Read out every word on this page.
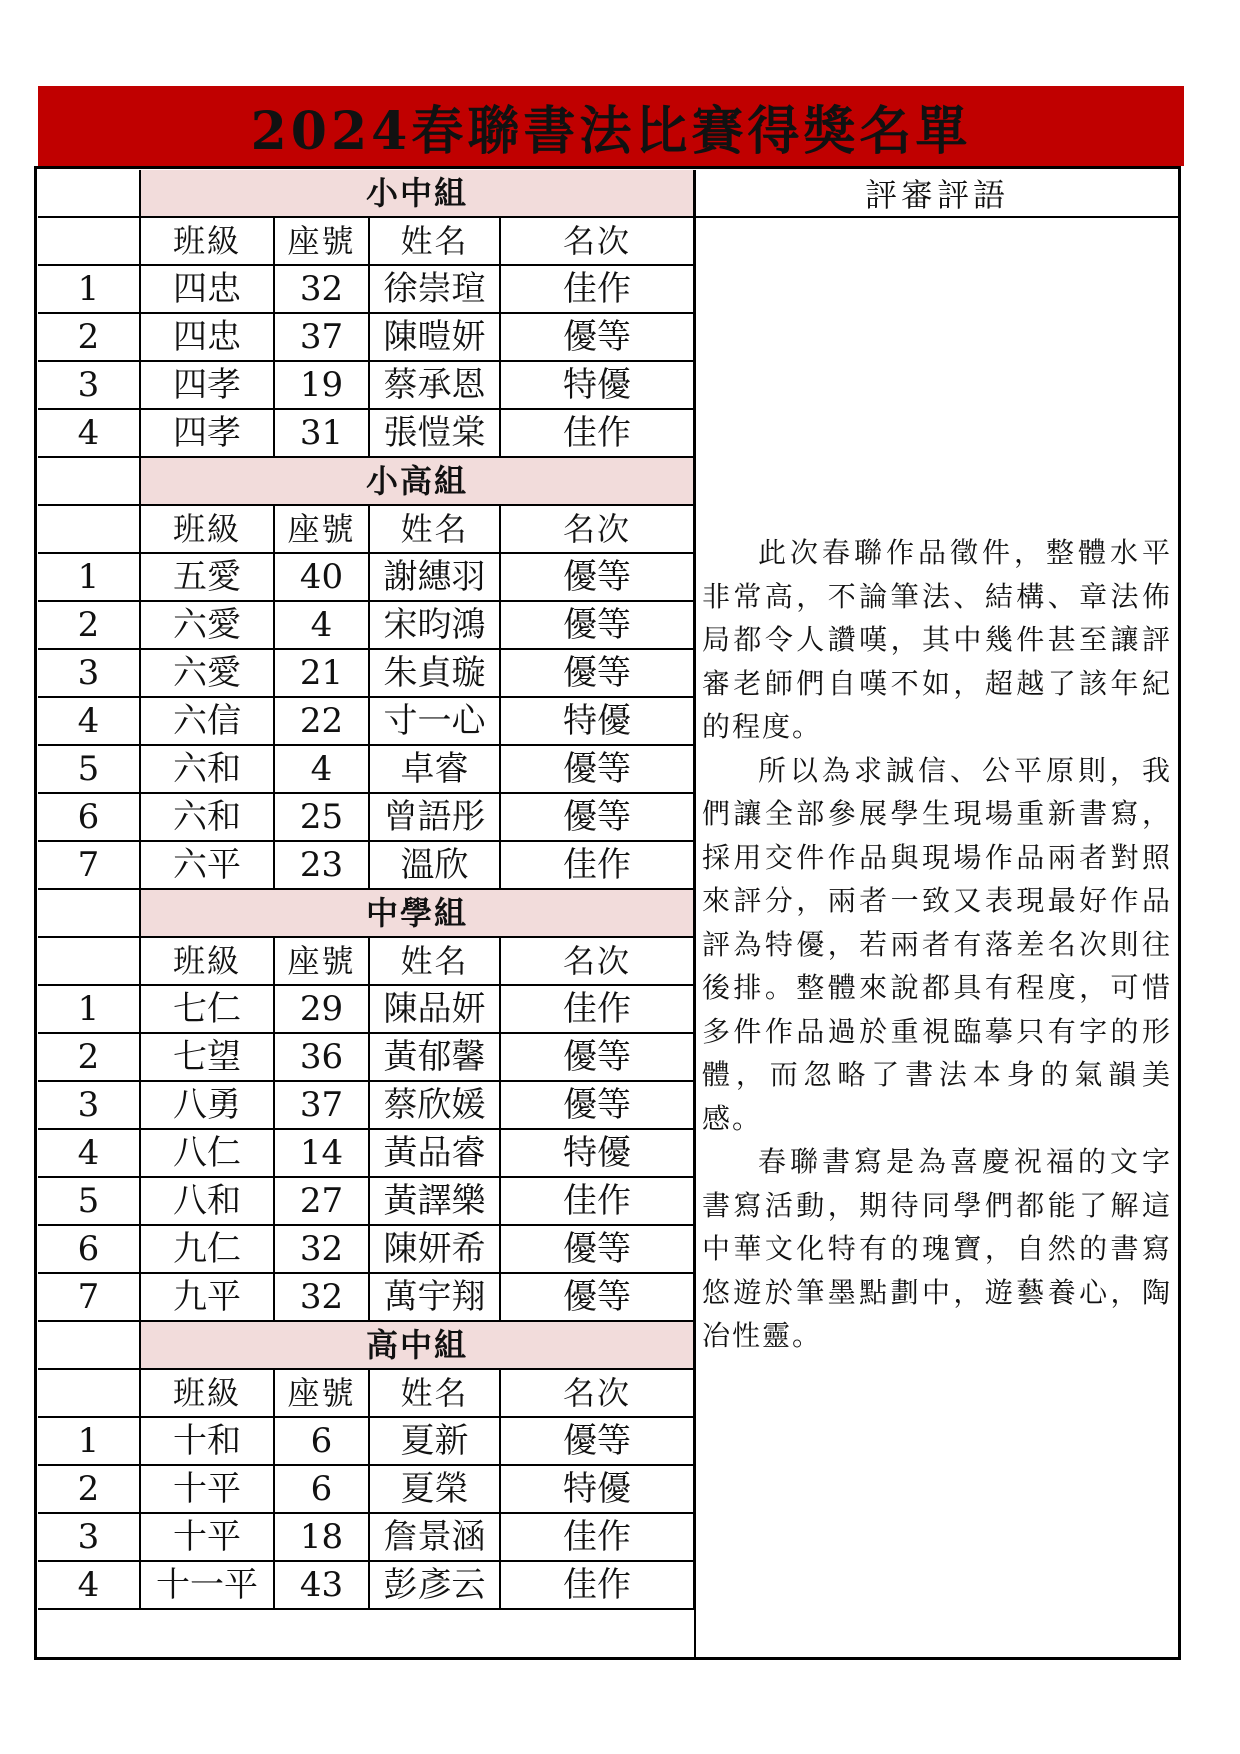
2024春聯書法比賽得獎名單
	小中組			
	班級	座號	姓名	名次
1	四忠	32	徐崇瑄	佳作
2	四忠	37	陳暟妍	優等
3	四孝	19	蔡承恩	特優
4	四孝	31	張愷棠	佳作
	小高組			
	班級	座號	姓名	名次
1	五愛	40	謝繐羽	優等
2	六愛	4	宋昀鴻	優等
3	六愛	21	朱貞璇	優等
4	六信	22	寸一心	特優
5	六和	4	卓睿	優等
6	六和	25	曾語彤	優等
7	六平	23	溫欣	佳作
	中學組			
	班級	座號	姓名	名次
1	七仁	29	陳品妍	佳作
2	七望	36	黃郁馨	優等
3	八勇	37	蔡欣媛	優等
4	八仁	14	黃品睿	特優
5	八和	27	黃譯樂	佳作
6	九仁	32	陳妍希	優等
7	九平	32	萬宇翔	優等
	高中組			
	班級	座號	姓名	名次
1	十和	6	夏新	優等
2	十平	6	夏榮	特優
3	十平	18	詹景涵	佳作
4	十一平	43	彭彥云	佳作
評審評語

此次春聯作品徵件，整體水平非常高，不論筆法、結構、章法佈局都令人讚嘆，其中幾件甚至讓評審老師們自嘆不如，超越了該年紀的程度。

所以為求誠信、公平原則，我們讓全部參展學生現場重新書寫，採用交件作品與現場作品兩者對照來評分，兩者一致又表現最好作品評為特優，若兩者有落差名次則往後排。整體來說都具有程度，可惜多件作品過於重視臨摹只有字的形體，而忽略了書法本身的氣韻美感。

春聯書寫是為喜慶祝福的文字書寫活動，期待同學們都能了解這中華文化特有的瑰寶，自然的書寫悠遊於筆墨點劃中，遊藝養心，陶冶性靈。
